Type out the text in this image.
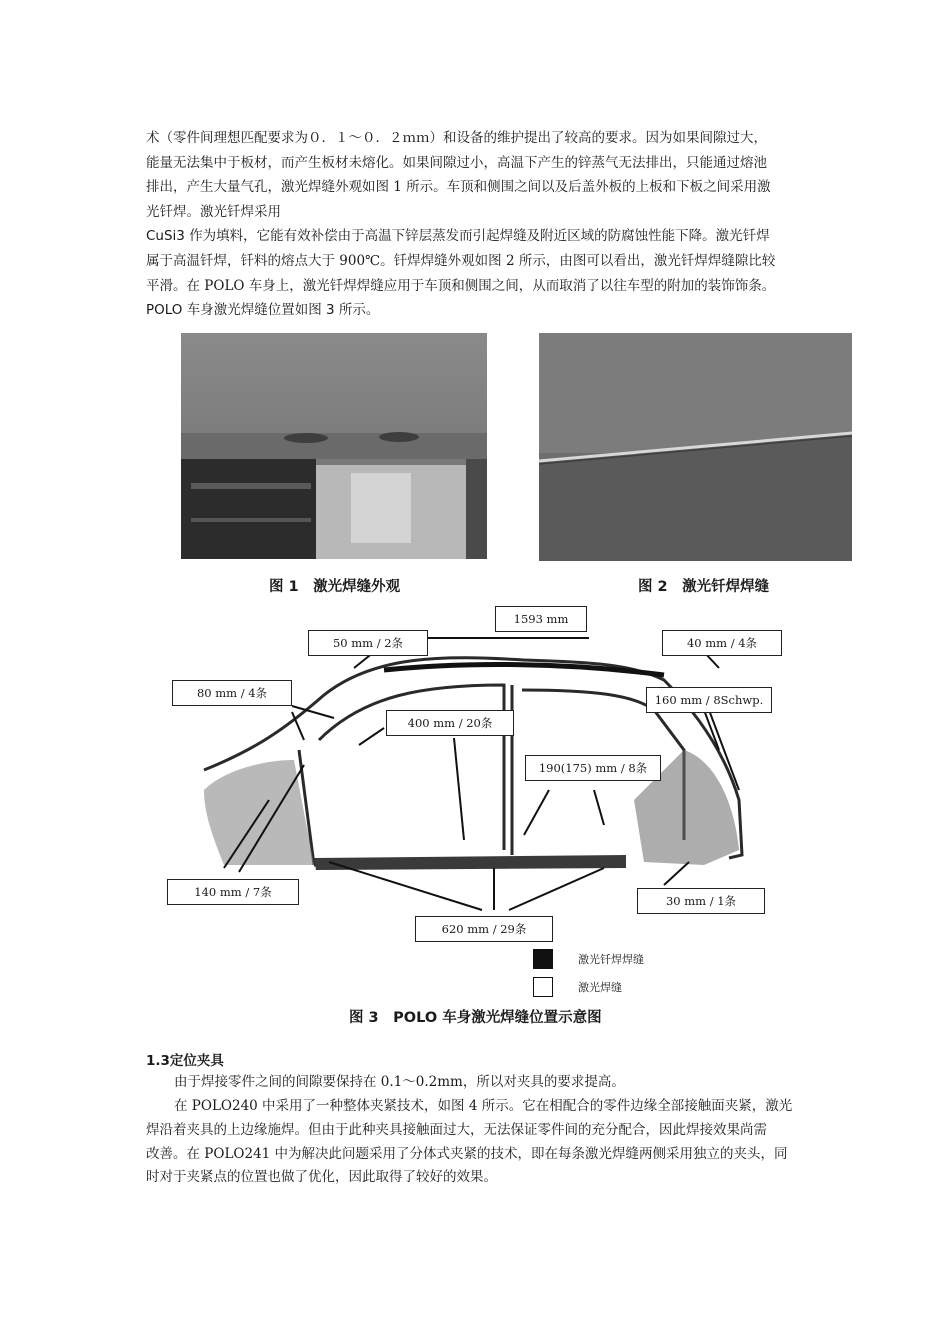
术（零件间理想匹配要求为０．１～０．２ｍｍ）和设备的维护提出了较高的要求。因为如果间隙过大，
能量无法集中于板材，而产生板材未熔化。如果间隙过小，高温下产生的锌蒸气无法排出，只能通过熔池
排出，产生大量气孔，激光焊缝外观如图 1 所示。车顶和侧围之间以及后盖外板的上板和下板之间采用激
光钎焊。激光钎焊采用
CuSi3 作为填料，它能有效补偿由于高温下锌层蒸发而引起焊缝及附近区域的防腐蚀性能下降。激光钎焊
属于高温钎焊，钎料的熔点大于 900℃。钎焊焊缝外观如图 2 所示，由图可以看出，激光钎焊焊缝隙比较
平滑。在 POLO 车身上，激光钎焊焊缝应用于车顶和侧围之间，从而取消了以往车型的附加的装饰饰条。
POLO 车身激光焊缝位置如图 3 所示。
图 1　激光焊缝外观	图 2　激光钎焊焊缝
1593 mm
50 mm / 2条	40 mm / 4条
80 mm / 4条	160 mm / 8Schwp.
400 mm / 20条
190(175) mm / 8条
140 mm / 7条
30 mm / 1条
620 mm / 29条
激光钎焊焊缝
激光焊缝
图 3　POLO 车身激光焊缝位置示意图
1.3定位夹具
由于焊接零件之间的间隙要保持在 0.1～0.2mm，所以对夹具的要求提高。
在 POLO240 中采用了一种整体夹紧技术，如图 4 所示。它在相配合的零件边缘全部接触面夹紧，激光
焊沿着夹具的上边缘施焊。但由于此种夹具接触面过大，无法保证零件间的充分配合，因此焊接效果尚需
改善。在 POLO241 中为解决此问题采用了分体式夹紧的技术，即在每条激光焊缝两侧采用独立的夹头，同
时对于夹紧点的位置也做了优化，因此取得了较好的效果。
